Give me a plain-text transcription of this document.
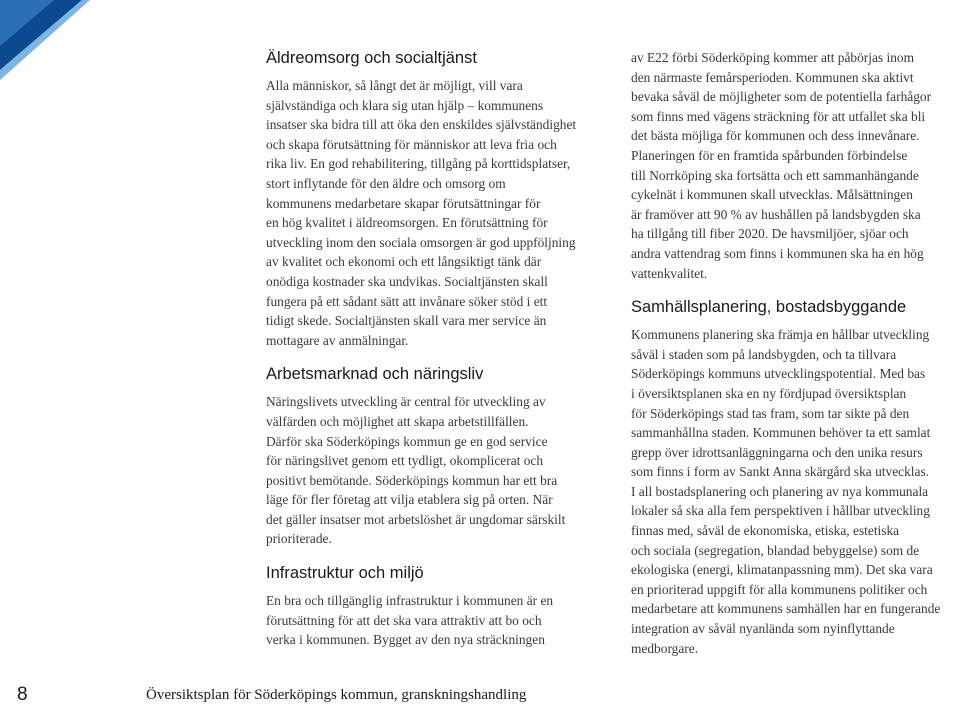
Äldreomsorg och socialtjänst

Alla människor, så långt det är möjligt, vill vara
självständiga och klara sig utan hjälp – kommunens
insatser ska bidra till att öka den enskildes självständighet
och skapa förutsättning för människor att leva fria och
rika liv. En god rehabilitering, tillgång på korttidsplatser,
stort inflytande för den äldre och omsorg om
kommunens medarbetare skapar förutsättningar för
en hög kvalitet i äldreomsorgen. En förutsättning för
utveckling inom den sociala omsorgen är god uppföljning
av kvalitet och ekonomi och ett långsiktigt tänk där
onödiga kostnader ska undvikas. Socialtjänsten skall
fungera på ett sådant sätt att invånare söker stöd i ett
tidigt skede. Socialtjänsten skall vara mer service än
mottagare av anmälningar.

Arbetsmarknad och näringsliv

Näringslivets utveckling är central för utveckling av
välfärden och möjlighet att skapa arbetstillfällen.
Därför ska Söderköpings kommun ge en god service
för näringslivet genom ett tydligt, okomplicerat och
positivt bemötande. Söderköpings kommun har ett bra
läge för fler företag att vilja etablera sig på orten. När
det gäller insatser mot arbetslöshet är ungdomar särskilt
prioriterade.

Infrastruktur och miljö

En bra och tillgänglig infrastruktur i kommunen är en
förutsättning för att det ska vara attraktiv att bo och
verka i kommunen. Bygget av den nya sträckningen

av E22 förbi Söderköping kommer att påbörjas inom
den närmaste femårsperioden. Kommunen ska aktivt
bevaka såväl de möjligheter som de potentiella farhågor
som finns med vägens sträckning för att utfallet ska bli
det bästa möjliga för kommunen och dess innevånare.
Planeringen för en framtida spårbunden förbindelse
till Norrköping ska fortsätta och ett sammanhängande
cykelnät i kommunen skall utvecklas. Målsättningen
är framöver att 90 % av hushållen på landsbygden ska
ha tillgång till fiber 2020. De havsmiljöer, sjöar och
andra vattendrag som finns i kommunen ska ha en hög
vattenkvalitet.

Samhällsplanering, bostadsbyggande

Kommunens planering ska främja en hållbar utveckling
såväl i staden som på landsbygden, och ta tillvara
Söderköpings kommuns utvecklingspotential. Med bas
i översiktsplanen ska en ny fördjupad översiktsplan
för Söderköpings stad tas fram, som tar sikte på den
sammanhållna staden. Kommunen behöver ta ett samlat
grepp över idrottsanläggningarna och den unika resurs
som finns i form av Sankt Anna skärgård ska utvecklas.
I all bostadsplanering och planering av nya kommunala
lokaler så ska alla fem perspektiven i hållbar utveckling
finnas med, såväl de ekonomiska, etiska, estetiska
och sociala (segregation, blandad bebyggelse) som de
ekologiska (energi, klimatanpassning mm). Det ska vara
en prioriterad uppgift för alla kommunens politiker och
medarbetare att kommunens samhällen har en fungerande
integration av såväl nyanlända som nyinflyttande
medborgare.

8	Översiktsplan för Söderköpings kommun, granskningshandling
